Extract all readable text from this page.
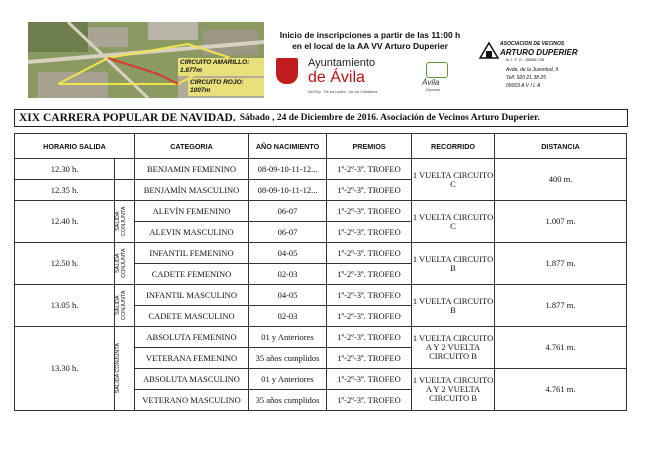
CIRCUITO AMARILLO: 1.877m
CIRCUITO ROJO: 1007m
Inicio de inscripciones a partir de las 11:00 h
en el local de la AA VV Arturo Duperier
Ayuntamiento
de Ávila
Del Rey · De los Leales · De los Caballeros
Ávila
Deportes
ASOCIACION DE VECINOS
ARTURO DUPERIER
N. I. F. G - 05008.725
Avda. de la Juventud, 9
Telf. 920 21 38 25
05003 A V I L A
XIX CARRERA POPULAR DE NAVIDAD. Sábado , 24 de Diciembre de 2016. Asociación de Vecinos Arturo Duperier.
HORARIO SALIDA		CATEGORIA	AÑO NACIMIENTO	PREMIOS	RECORRIDO	DISTANCIA
12.30 h.		BENJAMIN FEMENINO	08-09-10-11-12...	1º-2º-3º. TROFEO	1 VUELTA CIRCUITO C	400 m.
12.35 h.		BENJAMÍN MASCULINO	08-09-10-11-12...	1º-2º-3º. TROFEO		
12.40 h.	SALIDA CONJUNTA	ALEVÍN FEMENINO	06-07	1º-2º-3º. TROFEO	1 VUELTA CIRCUITO C	1.007 m.
		ALEVIN MASCULINO	06-07	1º-2º-3º. TROFEO		
12.50 h.	SALIDA CONJUNTA	INFANTIL FEMENINO	04-05	1º-2º-3º. TROFEO	1 VUELTA CIRCUITO B	1.877 m.
		CADETE FEMENINO	02-03	1º-2º-3º. TROFEO		
13.05 h.	SALIDA CONJUNTA	INFANTIL MASCULINO	04-05	1º-2º-3º. TROFEO	1 VUELTA CIRCUITO B	1.877 m.
		CADETE MASCULINO	02-03	1º-2º-3º. TROFEO		
13.30 h.	SALIDA CONJUNTA	ABSOLUTA FEMENINO	01 y Anteriores	1º-2º-3º. TROFEO	1 VUELTA CIRCUITO A Y 2 VUELTA CIRCUITO B	4.761 m.
		VETERANA FEMENINO	35 años cumplidos	1º-2º-3º. TROFEO		
		ABSOLUTA MASCULINO	01 y Anteriores	1º-2º-3º. TROFEO	1 VUELTA CIRCUITO A Y 2 VUELTA CIRCUITO B	4.761 m.
		VETERANO MASCULINO	35 años cumplidos	1º-2º-3º. TROFEO		
